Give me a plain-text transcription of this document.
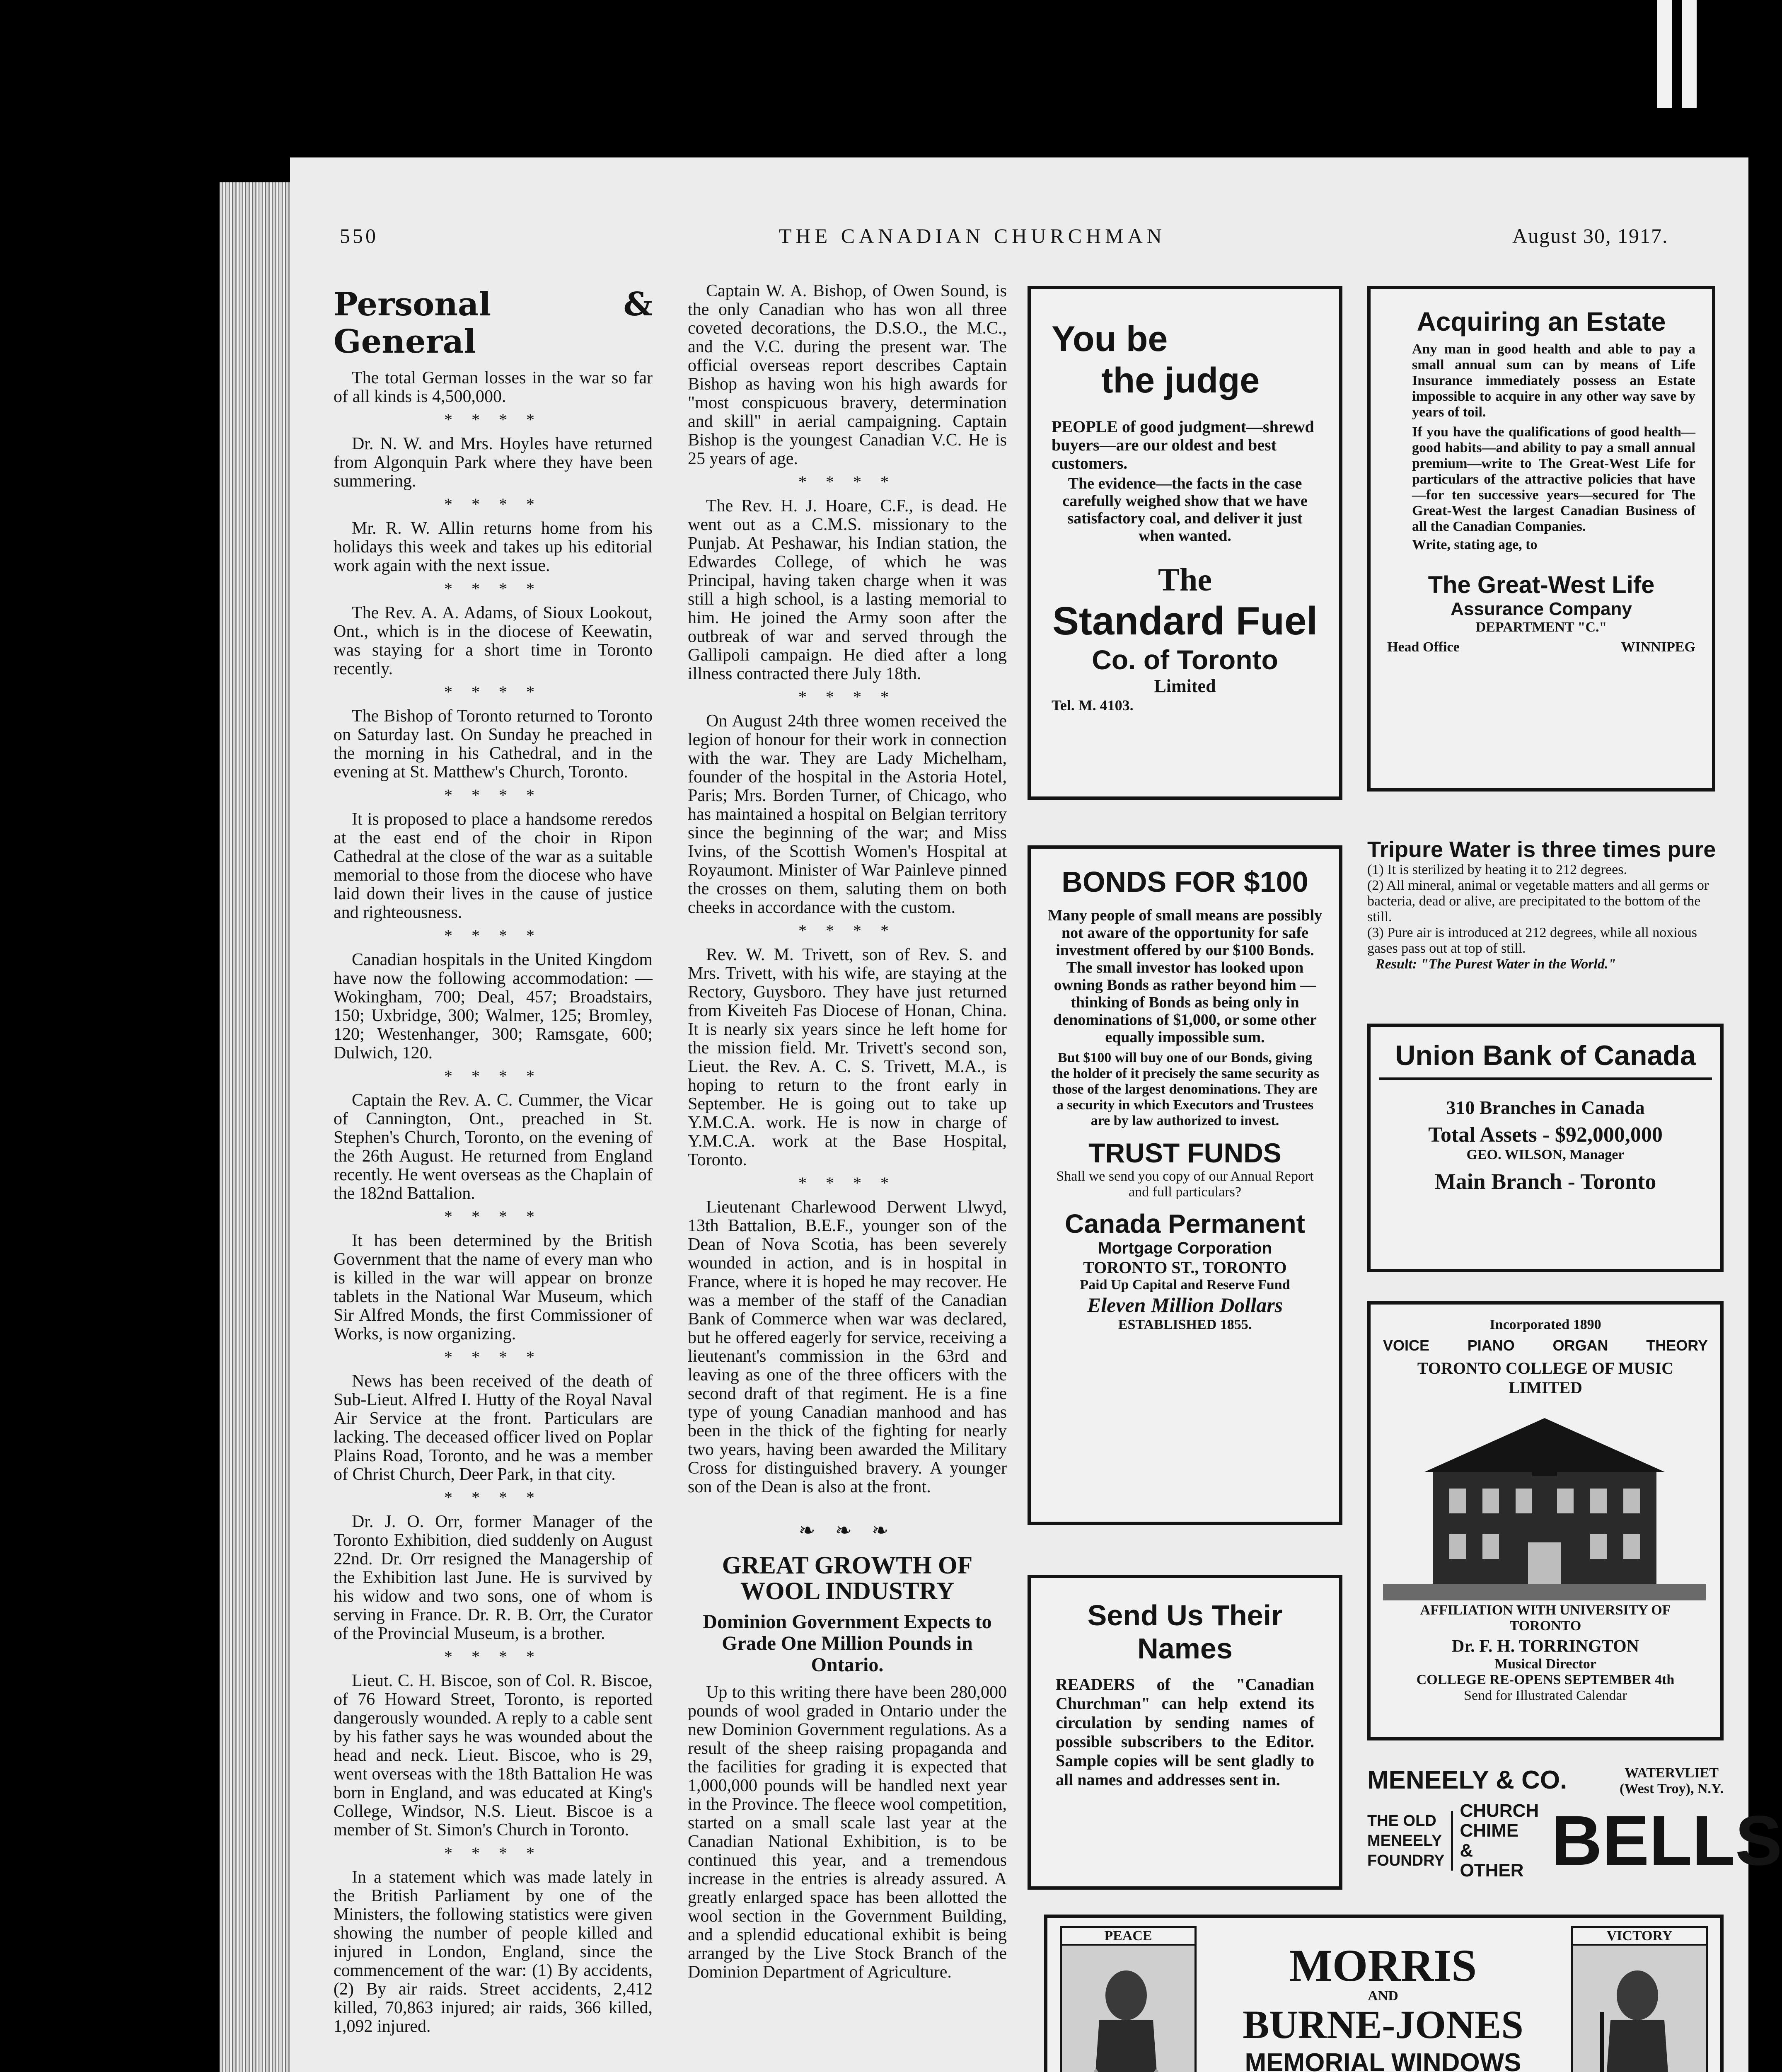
550	THE CANADIAN CHURCHMAN	August 30, 1917.
Personal & General

The total German losses in the war so far of all kinds is 4,500,000.

* * * *

Dr. N. W. and Mrs. Hoyles have returned from Algonquin Park where they have been summering.

* * * *

Mr. R. W. Allin returns home from his holidays this week and takes up his editorial work again with the next issue.

* * * *

The Rev. A. A. Adams, of Sioux Lookout, Ont., which is in the diocese of Keewatin, was staying for a short time in Toronto recently.

* * * *

The Bishop of Toronto returned to Toronto on Saturday last. On Sunday he preached in the morning in his Cathedral, and in the evening at St. Matthew's Church, Toronto.

* * * *

It is proposed to place a handsome reredos at the east end of the choir in Ripon Cathedral at the close of the war as a suitable memorial to those from the diocese who have laid down their lives in the cause of justice and righteousness.

* * * *

Canadian hospitals in the United Kingdom have now the following accommodation: — Wokingham, 700; Deal, 457; Broadstairs, 150; Uxbridge, 300; Walmer, 125; Bromley, 120; Westenhanger, 300; Ramsgate, 600; Dulwich, 120.

* * * *

Captain the Rev. A. C. Cummer, the Vicar of Cannington, Ont., preached in St. Stephen's Church, Toronto, on the evening of the 26th August. He returned from England recently. He went overseas as the Chaplain of the 182nd Battalion.

* * * *

It has been determined by the British Government that the name of every man who is killed in the war will appear on bronze tablets in the National War Museum, which Sir Alfred Monds, the first Commissioner of Works, is now organizing.

* * * *

News has been received of the death of Sub-Lieut. Alfred I. Hutty of the Royal Naval Air Service at the front. Particulars are lacking. The deceased officer lived on Poplar Plains Road, Toronto, and he was a member of Christ Church, Deer Park, in that city.

* * * *

Dr. J. O. Orr, former Manager of the Toronto Exhibition, died suddenly on August 22nd. Dr. Orr resigned the Managership of the Exhibition last June. He is survived by his widow and two sons, one of whom is serving in France. Dr. R. B. Orr, the Curator of the Provincial Museum, is a brother.

* * * *

Lieut. C. H. Biscoe, son of Col. R. Biscoe, of 76 Howard Street, Toronto, is reported dangerously wounded. A reply to a cable sent by his father says he was wounded about the head and neck. Lieut. Biscoe, who is 29, went overseas with the 18th Battalion He was born in England, and was educated at King's College, Windsor, N.S. Lieut. Biscoe is a member of St. Simon's Church in Toronto.

* * * *

In a statement which was made lately in the British Parliament by one of the Ministers, the following statistics were given showing the number of people killed and injured in London, England, since the commencement of the war: (1) By accidents, (2) By air raids. Street accidents, 2,412 killed, 70,863 injured; air raids, 366 killed, 1,092 injured.

Captain W. A. Bishop, of Owen Sound, is the only Canadian who has won all three coveted decorations, the D.S.O., the M.C., and the V.C. during the present war. The official overseas report describes Captain Bishop as having won his high awards for "most conspicuous bravery, determination and skill" in aerial campaigning. Captain Bishop is the youngest Canadian V.C. He is 25 years of age.

* * * *

The Rev. H. J. Hoare, C.F., is dead. He went out as a C.M.S. missionary to the Punjab. At Peshawar, his Indian station, the Edwardes College, of which he was Principal, having taken charge when it was still a high school, is a lasting memorial to him. He joined the Army soon after the outbreak of war and served through the Gallipoli campaign. He died after a long illness contracted there July 18th.

* * * *

On August 24th three women received the legion of honour for their work in connection with the war. They are Lady Michelham, founder of the hospital in the Astoria Hotel, Paris; Mrs. Borden Turner, of Chicago, who has maintained a hospital on Belgian territory since the beginning of the war; and Miss Ivins, of the Scottish Women's Hospital at Royaumont. Minister of War Painleve pinned the crosses on them, saluting them on both cheeks in accordance with the custom.

* * * *

Rev. W. M. Trivett, son of Rev. S. and Mrs. Trivett, with his wife, are staying at the Rectory, Guysboro. They have just returned from Kiveiteh Fas Diocese of Honan, China. It is nearly six years since he left home for the mission field. Mr. Trivett's second son, Lieut. the Rev. A. C. S. Trivett, M.A., is hoping to return to the front early in September. He is going out to take up Y.M.C.A. work. He is now in charge of Y.M.C.A. work at the Base Hospital, Toronto.

* * * *

Lieutenant Charlewood Derwent Llwyd, 13th Battalion, B.E.F., younger son of the Dean of Nova Scotia, has been severely wounded in action, and is in hospital in France, where it is hoped he may recover. He was a member of the staff of the Canadian Bank of Commerce when war was declared, but he offered eagerly for service, receiving a lieutenant's commission in the 63rd and leaving as one of the three officers with the second draft of that regiment. He is a fine type of young Canadian manhood and has been in the thick of the fighting for nearly two years, having been awarded the Military Cross for distinguished bravery. A younger son of the Dean is also at the front.

❧ ❧ ❧
GREAT GROWTH OF WOOL INDUSTRY
Dominion Government Expects to Grade One Million Pounds in Ontario.

Up to this writing there have been 280,000 pounds of wool graded in Ontario under the new Dominion Government regulations. As a result of the sheep raising propaganda and the facilities for grading it is expected that 1,000,000 pounds will be handled next year in the Province. The fleece wool competition, started on a small scale last year at the Canadian National Exhibition, is to be continued this year, and a tremendous increase in the entries is already assured. A greatly enlarged space has been allotted the wool section in the Government Building, and a splendid educational exhibit is being arranged by the Live Stock Branch of the Dominion Department of Agriculture.

You be
the judge
PEOPLE of good judgment—shrewd buyers—are our oldest and best customers.
The evidence—the facts in the case carefully weighed show that we have satisfactory coal, and deliver it just when wanted.
The
Standard Fuel
Co. of Toronto
Limited
Tel. M. 4103.
Acquiring an Estate
Any man in good health and able to pay a small annual sum can by means of Life Insurance immediately possess an Estate impossible to acquire in any other way save by years of toil.
If you have the qualifications of good health—good habits—and ability to pay a small annual premium—write to The Great-West Life for particulars of the attractive policies that have—for ten successive years—secured for The Great-West the largest Canadian Business of all the Canadian Companies.
Write, stating age, to
The Great-West Life
Assurance Company
DEPARTMENT "C."
Head Office	WINNIPEG
Tripure Water is three times pure
(1) It is sterilized by heating it to 212 degrees.
(2) All mineral, animal or vegetable matters and all germs or bacteria, dead or alive, are precipitated to the bottom of the still.
(3) Pure air is introduced at 212 degrees, while all noxious gases pass out at top of still.
Result: "The Purest Water in the World."
BONDS FOR $100
Many people of small means are possibly not aware of the opportunity for safe investment offered by our $100 Bonds. The small investor has looked upon owning Bonds as rather beyond him — thinking of Bonds as being only in denominations of $1,000, or some other equally impossible sum.
But $100 will buy one of our Bonds, giving the holder of it precisely the same security as those of the largest denominations. They are a security in which Executors and Trustees are by law authorized to invest.
TRUST FUNDS
Shall we send you copy of our Annual Report and full particulars?
Canada Permanent
Mortgage Corporation
TORONTO ST., TORONTO
Paid Up Capital and Reserve Fund
Eleven Million Dollars
ESTABLISHED 1855.
Union Bank of Canada
310 Branches in Canada
Total Assets - $92,000,000
GEO. WILSON, Manager
Main Branch - Toronto
Incorporated 1890
VOICE	PIANO	ORGAN	THEORY
TORONTO COLLEGE OF MUSIC LIMITED
AFFILIATION WITH UNIVERSITY OF TORONTO
Dr. F. H. TORRINGTON
Musical Director
COLLEGE RE-OPENS SEPTEMBER 4th
Send for Illustrated Calendar
Send Us Their
Names
READERS of the "Canadian Churchman" can help extend its circulation by sending names of possible subscribers to the Editor. Sample copies will be sent gladly to all names and addresses sent in.	MENEELY & CO.	WATERVLIET
(West Troy), N.Y.
THE OLD
MENEELY
FOUNDRY
CHURCH
CHIME
& OTHER BELLS
PEACE	VICTORY
MORRIS
AND
BURNE-JONES
MEMORIAL WINDOWS
